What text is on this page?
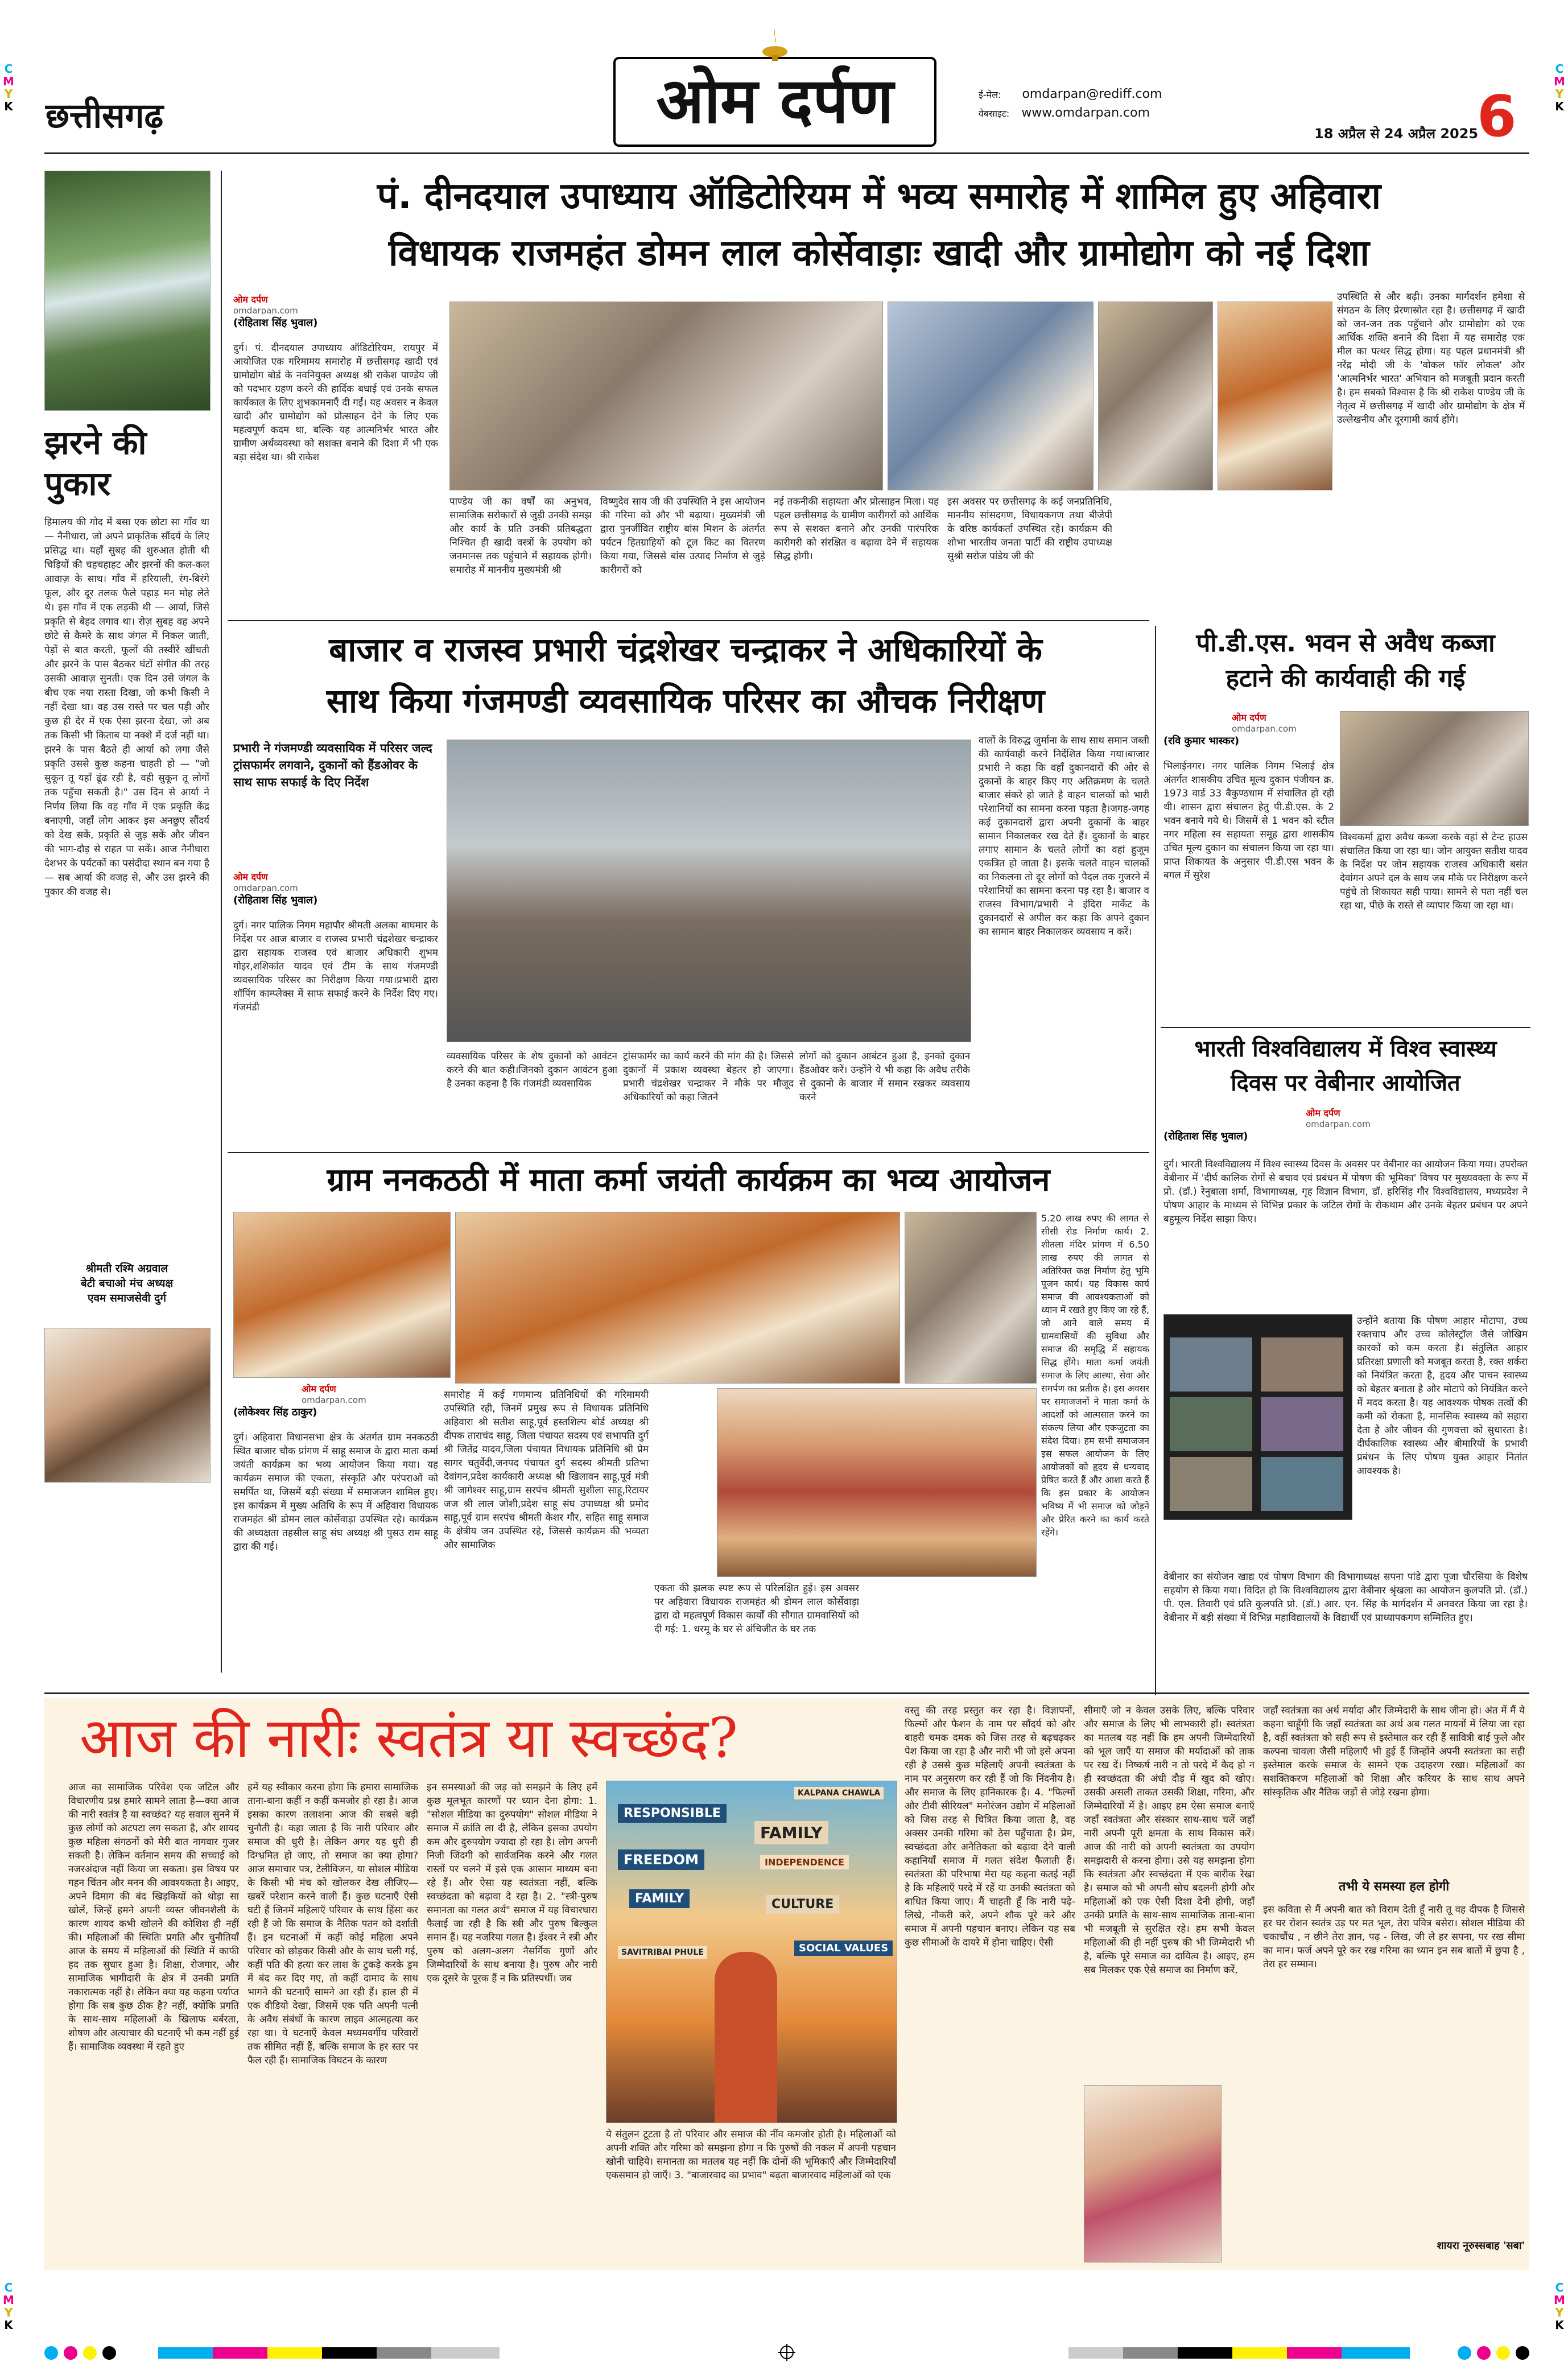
C
M
Y
K
C
M
Y
K
C
M
Y
K
C
M
Y
K
छत्तीसगढ़	ओम दर्पण	ई-मेल: omdarpan@rediff.com
वेबसाइट: www.omdarpan.com
18 अप्रैल से 24 अप्रैल 2025
6
झरने की पुकार
हिमालय की गोद में बसा एक छोटा सा गाँव था — नैनीधारा, जो अपने प्राकृतिक सौंदर्य के लिए प्रसिद्ध था। यहाँ सुबह की शुरुआत होती थी चिड़ियों की चहचहाहट और झरनों की कल-कल आवाज़ के साथ। गाँव में हरियाली, रंग-बिरंगे फूल, और दूर तलक फैले पहाड़ मन मोह लेते थे। इस गाँव में एक लड़की थी — आर्या, जिसे प्रकृति से बेहद लगाव था। रोज़ सुबह वह अपने छोटे से कैमरे के साथ जंगल में निकल जाती, पेड़ों से बात करती, फूलों की तस्वीरें खींचती और झरने के पास बैठकर घंटों संगीत की तरह उसकी आवाज़ सुनती। एक दिन उसे जंगल के बीच एक नया रास्ता दिखा, जो कभी किसी ने नहीं देखा था। वह उस रास्ते पर चल पड़ी और कुछ ही देर में एक ऐसा झरना देखा, जो अब तक किसी भी किताब या नक्शे में दर्ज नहीं था। झरने के पास बैठते ही आर्या को लगा जैसे प्रकृति उससे कुछ कहना चाहती हो — "जो सुकून तू यहाँ ढूंढ रही है, वही सुकून तू लोगों तक पहुँचा सकती है।" उस दिन से आर्या ने निर्णय लिया कि वह गाँव में एक प्रकृति केंद्र बनाएगी, जहाँ लोग आकर इस अनछुए सौंदर्य को देख सकें, प्रकृति से जुड़ सकें और जीवन की भाग-दौड़ से राहत पा सकें। आज नैनीधारा देशभर के पर्यटकों का पसंदीदा स्थान बन गया है — सब आर्या की वजह से, और उस झरने की पुकार की वजह से।
श्रीमती रश्मि अग्रवाल
बेटी बचाओ मंच अध्यक्ष
एवम समाजसेवी दुर्ग
पं. दीनदयाल उपाध्याय ऑडिटोरियम में भव्य समारोह में शामिल हुए अहिवारा
विधायक राजमहंत डोमन लाल कोर्सेवाड़ाः खादी और ग्रामोद्योग को नई दिशा
ओम दर्पण
omdarpan.com
(रोहिताश सिंह भुवाल)
दुर्ग। पं. दीनदयाल उपाध्याय ऑडिटोरियम, रायपुर में आयोजित एक गरिमामय समारोह में छत्तीसगढ़ खादी एवं ग्रामोद्योग बोर्ड के नवनियुक्त अध्यक्ष श्री राकेश पाण्डेय जी को पदभार ग्रहण करने की हार्दिक बधाई एवं उनके सफल कार्यकाल के लिए शुभकामनाएँ दी गईं। यह अवसर न केवल खादी और ग्रामोद्योग को प्रोत्साहन देने के लिए एक महत्वपूर्ण कदम था, बल्कि यह आत्मनिर्भर भारत और ग्रामीण अर्थव्यवस्था को सशक्त बनाने की दिशा में भी एक बड़ा संदेश था। श्री राकेश
पाण्डेय जी का वर्षों का अनुभव, सामाजिक सरोकारों से जुड़ी उनकी समझ और कार्य के प्रति उनकी प्रतिबद्धता निश्चित ही खादी वस्त्रों के उपयोग को जनमानस तक पहुंचाने में सहायक होगी। समारोह में माननीय मुख्यमंत्री श्री
विष्णुदेव साय जी की उपस्थिति ने इस आयोजन की गरिमा को और भी बढ़ाया। मुख्यमंत्री जी द्वारा पुनर्जीवित राष्ट्रीय बांस मिशन के अंतर्गत पर्यटन हितग्राहियों को टूल किट का वितरण किया गया, जिससे बांस उत्पाद निर्माण से जुड़े कारीगरों को
नई तकनीकी सहायता और प्रोत्साहन मिला। यह पहल छत्तीसगढ़ के ग्रामीण कारीगरों को आर्थिक रूप से सशक्त बनाने और उनकी पारंपरिक कारीगरी को संरक्षित व बढ़ावा देने में सहायक सिद्ध होगी।
इस अवसर पर छत्तीसगढ़ के कई जनप्रतिनिधि, माननीय सांसदगण, विधायकगण तथा बीजेपी के वरिष्ठ कार्यकर्ता उपस्थित रहे। कार्यक्रम की शोभा भारतीय जनता पार्टी की राष्ट्रीय उपाध्यक्ष सुश्री सरोज पांडेय जी की
उपस्थिति से और बढ़ी। उनका मार्गदर्शन हमेशा से संगठन के लिए प्रेरणास्रोत रहा है। छत्तीसगढ़ में खादी को जन-जन तक पहुँचाने और ग्रामोद्योग को एक आर्थिक शक्ति बनाने की दिशा में यह समारोह एक मील का पत्थर सिद्ध होगा। यह पहल प्रधानमंत्री श्री नरेंद्र मोदी जी के 'वोकल फॉर लोकल' और 'आत्मनिर्भर भारत' अभियान को मजबूती प्रदान करती है। हम सबको विश्वास है कि श्री राकेश पाण्डेय जी के नेतृत्व में छत्तीसगढ़ में खादी और ग्रामोद्योग के क्षेत्र में उल्लेखनीय और दूरगामी कार्य होंगे।
बाजार व राजस्व प्रभारी चंद्रशेखर चन्द्राकर ने अधिकारियों के
साथ किया गंजमण्डी व्यवसायिक परिसर का औचक निरीक्षण
प्रभारी ने गंजमण्डी व्यवसायिक में परिसर जल्द ट्रांसफार्मर लगवाने, दुकानों को हैंडओवर के साथ साफ सफाई के दिए निर्देश
ओम दर्पण
omdarpan.com
(रोहिताश सिंह भुवाल)
दुर्ग। नगर पालिक निगम महापौर श्रीमती अलका बाघमार के निर्देश पर आज बाजार व राजस्व प्रभारी चंद्रशेखर चन्द्राकर द्वारा सहायक राजस्व एवं बाजार अधिकारी शुभम गोइर,शशिकांत यादव एवं टीम के साथ गंजमण्डी व्यवसायिक परिसर का निरीक्षण किया गया।प्रभारी द्वारा शॉपिंग काम्प्लेक्स में साफ सफाई करने के निर्देश दिए गए।गंजमंडी
व्यवसायिक परिसर के शेष दुकानों को आवंटन करने की बात कही।जिनको दुकान आवंटन हुआ है उनका कहना है कि गंजमंडी व्यवसायिक
ट्रांसफार्मर का कार्य करने की मांग की है। जिससे दुकानों में प्रकाश व्यवस्था बेहतर हो जाएगा।प्रभारी चंद्रशेखर चन्द्राकर ने मौके पर मौजूद अधिकारियों को कहा जितने
लोगों को दुकान आबंटन हुआ है, इनको दुकान हैंडओवर करें। उन्होंने ये भी कहा कि अवैध तरीके से दुकानो के बाजार में समान रखकर व्यवसाय करने
वालों के विरुद्ध जुर्माना के साथ साथ समान जब्ती की कार्यवाही करने निर्देशित किया गया।बाजार प्रभारी ने कहा कि वहाँ दुकानदारों की ओर से दुकानों के बाहर किए गए अतिक्रमण के चलते बाजार संकरे हो जाते है वाहन चालकों को भारी परेशानियों का सामना करना पड़ता है।जगह-जगह कई दुकानदारों द्वारा अपनी दुकानों के बाहर सामान निकालकर रख देते हैं। दुकानों के बाहर लगाए सामान के चलते लोगों का वहां हुजूम एकत्रित हो जाता है। इसके चलते वाहन चालकों का निकलना तो दूर लोगों को पैदल तक गुजरने में परेशानियों का सामना करना पड़ रहा है। बाजार व राजस्व विभाग/प्रभारी ने इंदिरा मार्केट के दुकानदारों से अपील कर कहा कि अपने दुकान का सामान बाहर निकालकर व्यवसाय न करें।
पी.डी.एस. भवन से अवैध कब्जा
हटाने की कार्यवाही की गई
ओम दर्पण
omdarpan.com
(रवि कुमार भास्कर)
भिलाईनगर। नगर पालिक निगम भिलाई क्षेत्र अंतर्गत शासकीय उचित मूल्य दुकान पंजीयन क्र. 1973 वार्ड 33 बैकुण्ठधाम में संचालित हो रही थी। शासन द्वारा संचालन हेतु पी.डी.एस. के 2 भवन बनाये गये थे। जिसमें से 1 भवन को स्टील नगर महिला स्व सहायता समूह द्वारा शासकीय उचित मूल्य दुकान का संचालन किया जा रहा था। प्राप्त शिकायत के अनुसार पी.डी.एस भवन के बगल में सुरेश
विश्वकर्मा द्वारा अवैध कब्जा करके वहां से टेन्ट हाउस संचालित किया जा रहा था। जोन आयुक्त सतीश यादव के निर्देश पर जोन सहायक राजस्व अधिकारी बसंत देवांगन अपने दल के साथ जब मौके पर निरीक्षण करने पहुंचे तो शिकायत सही पाया। सामने से पता नहीं चल रहा था, पीछे के रास्ते से व्यापार किया जा रहा था।
भारती विश्वविद्यालय में विश्व स्वास्थ्य
दिवस पर वेबीनार आयोजित
ओम दर्पण
omdarpan.com
(रोहिताश सिंह भुवाल)
दुर्ग। भारती विश्वविद्यालय में विश्व स्वास्थ्य दिवस के अवसर पर वेबीनार का आयोजन किया गया। उपरोक्त वेबीनार में 'दीर्घ कालिक रोगों से बचाव एवं प्रबंधन में पोषण की भूमिका' विषय पर मुख्यवक्ता के रूप में प्रो. (डॉ.) रेनुबाला शर्मा, विभागाध्यक्ष, गृह विज्ञान विभाग, डॉ. हरिसिंह गौर विश्वविद्यालय, मध्यप्रदेश ने पोषण आहार के माध्यम से विभिन्न प्रकार के जटिल रोगों के रोकथाम और उनके बेहतर प्रबंधन पर अपने बहुमूल्य निर्देश साझा किए।
उन्होंने बताया कि पोषण आहार मोटापा, उच्च रक्तचाप और उच्च कोलेस्ट्रॉल जैसे जोखिम कारकों को कम करता है। संतुलित आहार प्रतिरक्षा प्रणाली को मजबूत करता है, रक्त शर्करा को नियंत्रित करता है, हृदय और पाचन स्वास्थ्य को बेहतर बनाता है और मोटापे को नियंत्रित करने में मदद करता है। यह आवश्यक पोषक तत्वों की कमी को रोकता है, मानसिक स्वास्थ्य को सहारा देता है और जीवन की गुणवत्ता को सुधारता है। दीर्घकालिक स्वास्थ्य और बीमारियों के प्रभावी प्रबंधन के लिए पोषण युक्त आहार नितांत आवश्यक है।
वेबीनार का संयोजन खाद्य एवं पोषण विभाग की विभागाध्यक्ष सपना पांडे द्वारा पूजा चौरसिया के विशेष सहयोग से किया गया। विदित हो कि विश्वविद्यालय द्वारा वेबीनार श्रृंखला का आयोजन कुलपति प्रो. (डॉ.) पी. एल. तिवारी एवं प्रति कुलपति प्रो. (डॉ.) आर. एन. सिंह के मार्गदर्शन में अनवरत किया जा रहा है। वेबीनार में बड़ी संख्या में विभिन्न महाविद्यालयों के विद्यार्थी एवं प्राध्यापकगण सम्मिलित हुए।
ग्राम ननकठठी में माता कर्मा जयंती कार्यक्रम का भव्य आयोजन
ओम दर्पण
omdarpan.com
(लोकेश्वर सिंह ठाकुर)
दुर्ग। अहिवारा विधानसभा क्षेत्र के अंतर्गत ग्राम ननकठठी स्थित बाजार चौक प्रांगण में साहू समाज के द्वारा माता कर्मा जयंती कार्यक्रम का भव्य आयोजन किया गया। यह कार्यक्रम समाज की एकता, संस्कृति और परंपराओं को समर्पित था, जिसमें बड़ी संख्या में समाजजन शामिल हुए। इस कार्यक्रम में मुख्य अतिथि के रूप में अहिवारा विधायक राजमहंत श्री डोमन लाल कोर्सेवाड़ा उपस्थित रहे। कार्यक्रम की अध्यक्षता तहसील साहू संघ अध्यक्ष श्री पुसउ राम साहू द्वारा की गई।
समारोह में कई गणमान्य प्रतिनिधियों की गरिमामयी उपस्थिति रही, जिनमें प्रमुख रूप से विधायक प्रतिनिधि अहिवारा श्री सतीश साहू,पूर्व हस्तशिल्प बोर्ड अध्यक्ष श्री दीपक ताराचंद साहू, जिला पंचायत सदस्य एवं सभापति दुर्ग श्री जितेंद्र यादव,जिला पंचायत विधायक प्रतिनिधि श्री प्रेम सागर चतुर्वेदी,जनपद पंचायत दुर्ग सदस्य श्रीमती प्रतिभा देवांगन,प्रदेश कार्यकारी अध्यक्ष श्री खिलावन साहू,पूर्व मंत्री श्री जागेश्वर साहू,ग्राम सरपंच श्रीमती सुशीला साहू,रिटायर जज श्री लाल जोशी,प्रदेश साहू संघ उपाध्यक्ष श्री प्रमोद साहू,पूर्व ग्राम सरपंच श्रीमती केशर गौर, सहित साहू समाज के क्षेत्रीय जन उपस्थित रहे, जिससे कार्यक्रम की भव्यता और सामाजिक
एकता की झलक स्पष्ट रूप से परिलक्षित हुई। इस अवसर पर अहिवारा विधायक राजमहंत श्री डोमन लाल कोर्सेवाड़ा द्वारा दो महत्वपूर्ण विकास कार्यों की सौगात ग्रामवासियों को दी गई: 1. धरमू के घर से अंचिजीत के घर तक
5.20 लाख रुपए की लागत से सीसी रोड निर्माण कार्य। 2. शीतला मंदिर प्रांगण में 6.50 लाख रुपए की लागत से अतिरिक्त कक्ष निर्माण हेतु भूमि पूजन कार्य। यह विकास कार्य समाज की आवश्यकताओं को ध्यान में रखते हुए किए जा रहे हैं, जो आने वाले समय में ग्रामवासियों की सुविधा और समाज की समृद्धि में सहायक सिद्ध होंगे। माता कर्मा जयंती समाज के लिए आस्था, सेवा और समर्पण का प्रतीक है। इस अवसर पर समाजजनों ने माता कर्मा के आदर्शों को आत्मसात करने का संकल्प लिया और एकजुटता का संदेश दिया। हम सभी समाजजन इस सफल आयोजन के लिए आयोजकों को हृदय से धन्यवाद प्रेषित करते हैं और आशा करते हैं कि इस प्रकार के आयोजन भविष्य में भी समाज को जोड़ने और प्रेरित करने का कार्य करते रहेंगे।
आज की नारीः स्वतंत्र या स्वच्छंद?
आज का सामाजिक परिवेश एक जटिल और विचारणीय प्रश्न हमारे सामने लाता है—क्या आज की नारी स्वतंत्र है या स्वच्छंद? यह सवाल सुनने में कुछ लोगों को अटपटा लग सकता है, और शायद कुछ महिला संगठनों को मेरी बात नागवार गुजर सकती है। लेकिन वर्तमान समय की सच्चाई को नजरअंदाज नहीं किया जा सकता। इस विषय पर गहन चिंतन और मनन की आवश्यकता है। आइए, अपने दिमाग की बंद खिड़कियों को थोड़ा सा खोलें, जिन्हें हमने अपनी व्यस्त जीवनशैली के कारण शायद कभी खोलने की कोशिश ही नहीं की। महिलाओं की स्थितिः प्रगति और चुनौतियाँ आज के समय में महिलाओं की स्थिति में काफी हद तक सुधार हुआ है। शिक्षा, रोजगार, और सामाजिक भागीदारी के क्षेत्र में उनकी प्रगति नकारात्मक नहीं है। लेकिन क्या यह कहना पर्याप्त होगा कि सब कुछ ठीक है? नहीं, क्योंकि प्रगति के साथ-साथ महिलाओं के खिलाफ बर्बरता, शोषण और अत्याचार की घटनाएँ भी कम नहीं हुई हैं। सामाजिक व्यवस्था में रहते हुए
हमें यह स्वीकार करना होगा कि हमारा सामाजिक ताना-बाना कहीं न कहीं कमजोर हो रहा है। आज इसका कारण तलाशना आज की सबसे बड़ी चुनौती है। कहा जाता है कि नारी परिवार और समाज की धुरी है। लेकिन अगर यह धुरी ही दिग्भ्रमित हो जाए, तो समाज का क्या होगा? आज समाचार पत्र, टेलीविजन, या सोशल मीडिया के किसी भी मंच को खोलकर देख लीजिए—खबरें परेशान करने वाली हैं। कुछ घटनाएँ ऐसी घटी हैं जिनमें महिलाएँ परिवार के साथ हिंसा कर रही हैं जो कि समाज के नैतिक पतन को दर्शाती हैं। इन घटनाओं में कहीं कोई महिला अपने परिवार को छोड़कर किसी और के साथ चली गई, कहीं पति की हत्या कर लाश के टुकड़े करके ड्रम में बंद कर दिए गए, तो कहीं दामाद के साथ भागने की घटनाएँ सामने आ रही हैं। हाल ही में एक वीडियो देखा, जिसमें एक पति अपनी पत्नी के अवैध संबंधों के कारण लाइव आत्महत्या कर रहा था। ये घटनाएँ केवल मध्यमवर्गीय परिवारों तक सीमित नहीं हैं, बल्कि समाज के हर स्तर पर फैल रही हैं। सामाजिक विघटन के कारण
इन समस्याओं की जड़ को समझने के लिए हमें कुछ मूलभूत कारणों पर ध्यान देना होगा: 1. "सोशल मीडिया का दुरुपयोग" सोशल मीडिया ने समाज में क्रांति ला दी है, लेकिन इसका उपयोग कम और दुरुपयोग ज्यादा हो रहा है। लोग अपनी निजी जिंदगी को सार्वजनिक करने और गलत रास्तों पर चलने में इसे एक आसान माध्यम बना रहे हैं। और ऐसा यह स्वतंत्रता नहीं, बल्कि स्वच्छंदता को बढ़ावा दे रहा है। 2. "स्त्री-पुरुष समानता का गलत अर्थ" समाज में यह विचारधारा फैलाई जा रही है कि स्त्री और पुरुष बिल्कुल समान हैं। यह नजरिया गलत है। ईश्वर ने स्त्री और पुरुष को अलग-अलग नैसर्गिक गुणों और जिम्मेदारियों के साथ बनाया है। पुरुष और नारी एक दूसरे के पूरक हैं न कि प्रतिस्पर्धी। जब
RESPONSIBLE
FAMILY
FREEDOM
FAMILY	CULTURE
INDEPENDENCE
SOCIAL VALUES
SAVITRIBAI PHULE
KALPANA CHAWLA
ये संतुलन टूटता है तो परिवार और समाज की नींव कमजोर होती है। महिलाओं को अपनी शक्ति और गरिमा को समझना होगा न कि पुरुषों की नकल में अपनी पहचान खोनी चाहिये। समानता का मतलब यह नहीं कि दोनों की भूमिकाएँ और जिम्मेदारियाँ एकसमान हो जाएँ। 3. "बाजारवाद का प्रभाव" बढ़ता बाजारवाद महिलाओं को एक
वस्तु की तरह प्रस्तुत कर रहा है। विज्ञापनों, फिल्मों और फैशन के नाम पर सौंदर्य को और बाहरी चमक दमक को जिस तरह से बढ़चढ़कर पेश किया जा रहा है और नारी भी जो इसे अपना रही है उससे कुछ महिलाएँ अपनी स्वतंत्रता के नाम पर अनुसरण कर रही हैं जो कि निंदनीय है। और समाज के लिए हानिकारक है। 4. "फिल्मों और टीवी सीरियल" मनोरंजन उद्योग में महिलाओं को जिस तरह से चित्रित किया जाता है, वह अक्सर उनकी गरिमा को ठेस पहुँचाता है। प्रेम, स्वच्छंदता और अनैतिकता को बढ़ावा देने वाली कहानियाँ समाज में गलत संदेश फैलाती हैं। स्वतंत्रता की परिभाषा मेरा यह कहना कतई नहीं है कि महिलाएँ परदे में रहें या उनकी स्वतंत्रता को बाधित किया जाए। मैं चाहती हूँ कि नारी पढ़े-लिखे, नौकरी करे, अपने शौक पूरे करे और समाज में अपनी पहचान बनाए। लेकिन यह सब कुछ सीमाओं के दायरे में होना चाहिए। ऐसी
सीमाएँ जो न केवल उसके लिए, बल्कि परिवार और समाज के लिए भी लाभकारी हों। स्वतंत्रता का मतलब यह नहीं कि हम अपनी जिम्मेदारियों को भूल जाएँ या समाज की मर्यादाओं को ताक पर रख दें। निष्कर्ष नारी न तो परदे में कैद हो न ही स्वच्छंदता की अंधी दौड़ में खुद को खोए। उसकी असली ताकत उसकी शिक्षा, गरिमा, और जिम्मेदारियों में है। आइए हम ऐसा समाज बनाएँ जहाँ स्वतंत्रता और संस्कार साथ-साथ चलें जहाँ नारी अपनी पूरी क्षमता के साथ विकास करें। आज की नारी को अपनी स्वतंत्रता का उपयोग समझदारी से करना होगा। उसे यह समझना होगा कि स्वतंत्रता और स्वच्छंदता में एक बारीक रेखा है। समाज को भी अपनी सोच बदलनी होगी और महिलाओं को एक ऐसी दिशा देनी होगी, जहाँ उनकी प्रगति के साथ-साथ सामाजिक ताना-बाना भी मजबूती से सुरक्षित रहे। हम सभी केवल महिलाओं की ही नहीं पुरुष की भी जिम्मेदारी भी है, बल्कि पूरे समाज का दायित्व है। आइए, हम सब मिलकर एक ऐसे समाज का निर्माण करें,
जहाँ स्वतंत्रता का अर्थ मर्यादा और जिम्मेदारी के साथ जीना हो। अंत में मैं ये कहना चाहूँगी कि जहाँ स्वतंत्रता का अर्थ अब गलत मायनों में लिया जा रहा है, वहीं स्वतंत्रता को सही रूप से इस्तेमाल कर रही हैं सावित्री बाई फुले और कल्पना चावला जैसी महिलाएँ भी हुई हैं जिन्होंने अपनी स्वतंत्रता का सही इस्तेमाल करके समाज के सामने एक उदाहरण रखा। महिलाओं का सशक्तिकरण महिलाओं को शिक्षा और करियर के साथ साथ अपने सांस्कृतिक और नैतिक जड़ों से जोड़े रखना होगा।
तभी ये समस्या हल होगी
इस कविता से मैं अपनी बात को विराम देती हूँ नारी तू वह दीपक है जिससे हर घर रोशन स्वतंत्र उड़ पर मत भूल, तेरा पवित्र बसेरा। सोशल मीडिया की चकाचौंध , न छीने तेरा ज्ञान, पढ़ - लिख, जी ले हर सपना, पर रख सीमा का मान। फर्ज अपने पूरे कर रख गरिमा का ध्यान इन सब बातों में छुपा है , तेरा हर सम्मान।
शायरा नूरुस्सबाह 'सबा'
